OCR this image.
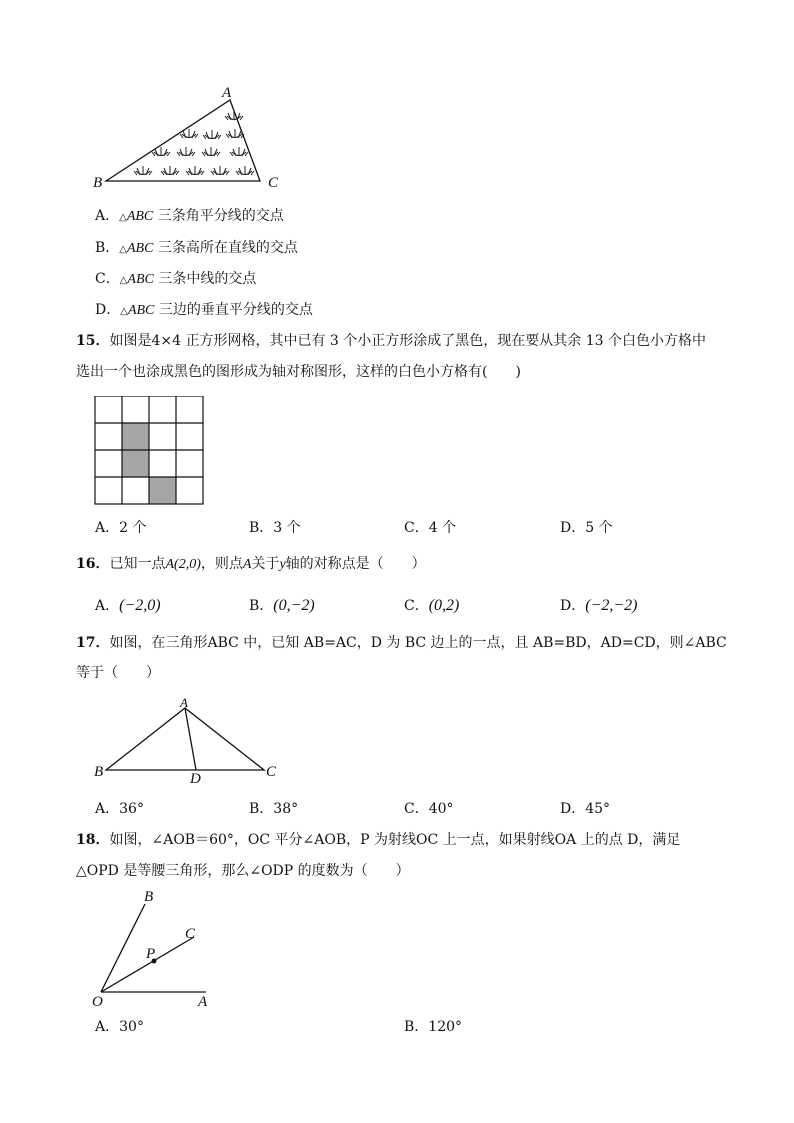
A
B	C
A．△ABC 三条角平分线的交点
B．△ABC 三条高所在直线的交点
C．△ABC 三条中线的交点
D．△ABC 三边的垂直平分线的交点
15．如图是4×4 正方形网格，其中已有 3 个小正方形涂成了黑色，现在要从其余 13 个白色小方格中
选出一个也涂成黑色的图形成为轴对称图形，这样的白色小方格有(　　)
A．2 个	B．3 个	C．4 个	D．5 个
16．已知一点A(2,0)，则点A关于y轴的对称点是（　　）
A．(−2,0)	B．(0,−2)	C．(0,2)	D．(−2,−2)
17．如图，在三角形ABC 中，已知 AB=AC，D 为 BC 边上的一点，且 AB=BD，AD=CD，则∠ABC
等于（　　）
A
B	C
D
A．36°	B．38°	C．40°	D．45°
18．如图，∠AOB＝60°，OC 平分∠AOB，P 为射线OC 上一点，如果射线OA 上的点 D，满足
△OPD 是等腰三角形，那么∠ODP 的度数为（　　）
B
C
P
O	A
A．30°	B．120°
